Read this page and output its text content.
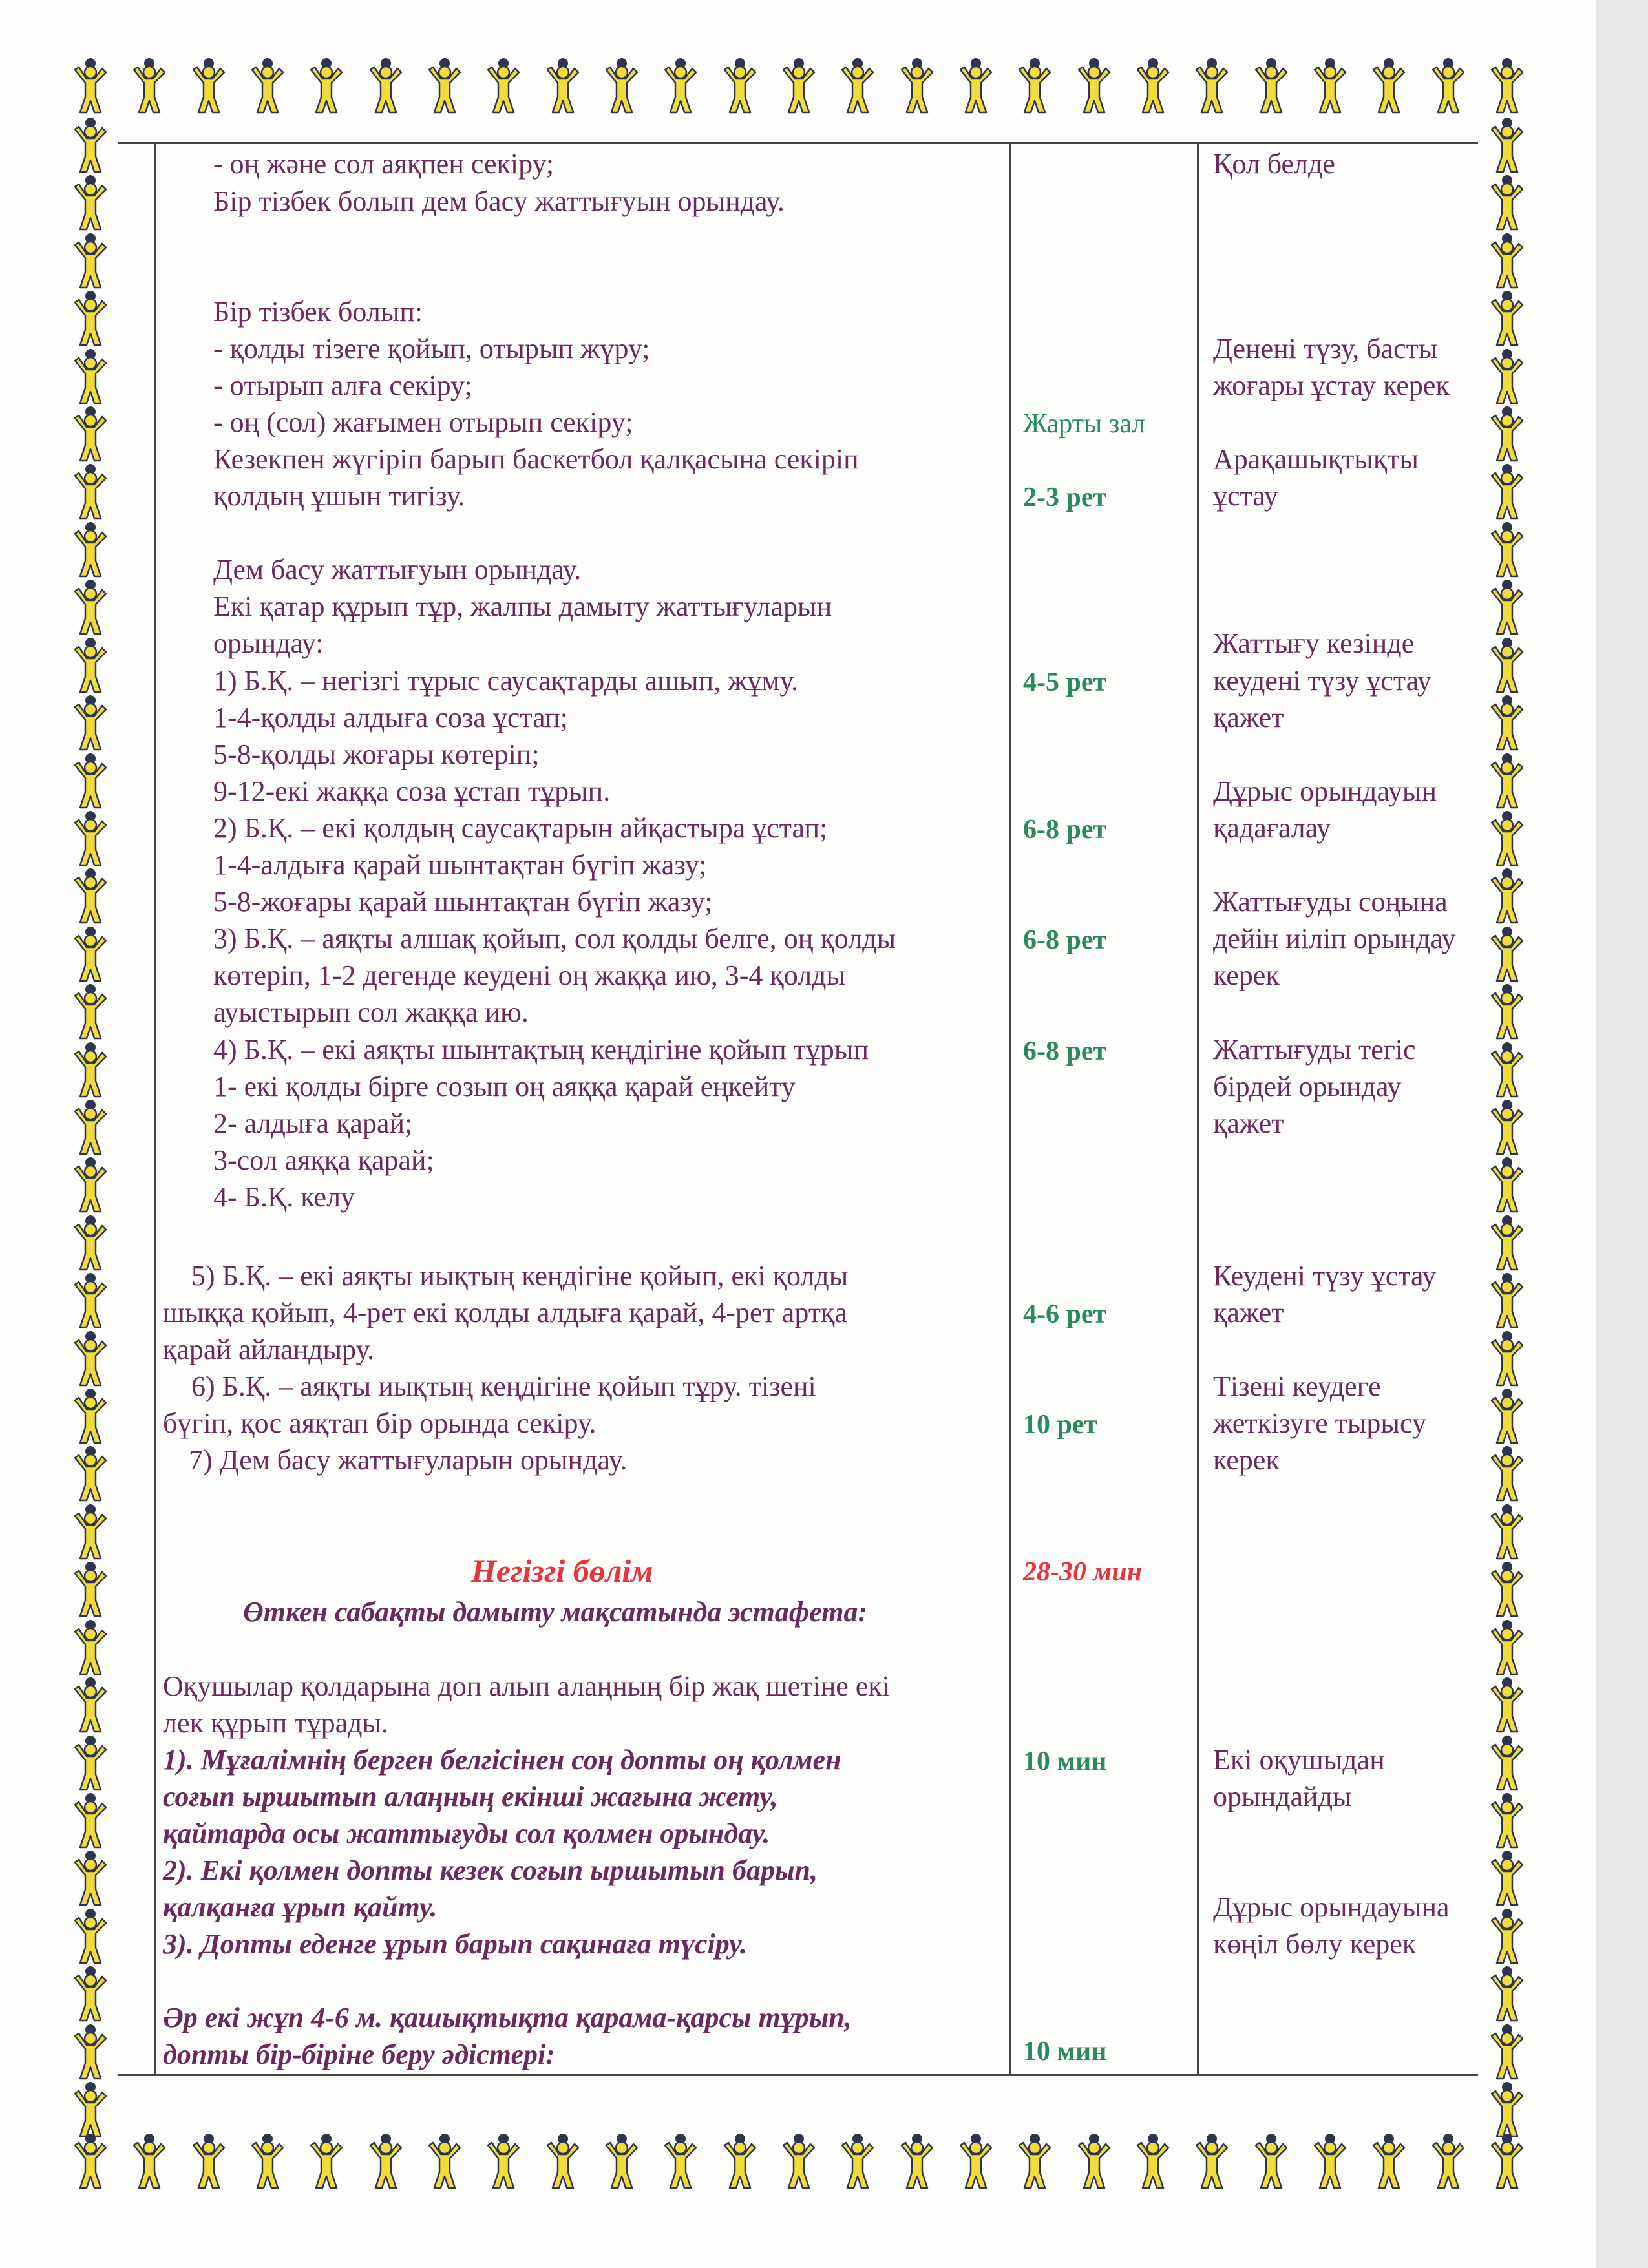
- оң және сол аяқпен секіру;
Бір тізбек болып дем басу жаттығуын орындау.
Бір тізбек болып:
- қолды тізеге қойып, отырып жүру;
- отырып алға секіру;
- оң (сол) жағымен отырып секіру;
Кезекпен жүгіріп барып баскетбол қалқасына секіріп
қолдың ұшын тигізу.
Дем басу жаттығуын орындау.
Екі қатар құрып тұр, жалпы дамыту жаттығуларын
орындау:
1) Б.Қ. – негізгі тұрыс саусақтарды ашып, жұму.
1-4-қолды алдыға соза ұстап;
5-8-қолды жоғары көтеріп;
9-12-екі жаққа соза ұстап тұрып.
2) Б.Қ. – екі қолдың саусақтарын айқастыра ұстап;
1-4-алдыға қарай шынтақтан бүгіп жазу;
5-8-жоғары қарай шынтақтан бүгіп жазу;
3) Б.Қ. – аяқты алшақ қойып, сол қолды белге, оң қолды
көтеріп, 1-2 дегенде кеудені оң жаққа ию, 3-4 қолды
ауыстырып сол жаққа ию.
4) Б.Қ. – екі аяқты шынтақтың кеңдігіне қойып тұрып
1- екі қолды бірге созып оң аяққа қарай еңкейту
2- алдыға қарай;
3-сол аяққа қарай;
4- Б.Қ. келу
5) Б.Қ. – екі аяқты иықтың кеңдігіне қойып, екі қолды
шыққа қойып, 4-рет екі қолды алдыға қарай, 4-рет артқа
қарай айландыру.
6) Б.Қ. – аяқты иықтың кеңдігіне қойып тұру. тізені
бүгіп, қос аяқтап бір орында секіру.
7) Дем басу жаттығуларын орындау.
Негізгі бөлім
Өткен сабақты дамыту мақсатында эстафета:
Оқушылар қолдарына доп алып алаңның бір жақ шетіне екі
лек құрып тұрады.
1). Мұғалімнің берген белгісінен соң допты оң қолмен
соғып ыршытып алаңның екінші жағына жету,
қайтарда осы жаттығуды сол қолмен орындау.
2). Екі қолмен допты кезек соғып ыршытып барып,
қалқанға ұрып қайту.
3). Допты еденге ұрып барып сақинаға түсіру.
Әр екі жұп 4-6 м. қашықтықта қарама-қарсы тұрып,
допты бір-біріне беру әдістері:
Жарты зал
2-3 рет
4-5 рет
6-8 рет
6-8 рет
6-8 рет
4-6 рет
10 рет
28-30 мин
10 мин
10 мин
Қол белде
Денені түзу, басты
жоғары ұстау керек
Арақашықтықты
ұстау
Жаттығу кезінде
кеудені түзу ұстау
қажет
Дұрыс орындауын
қадағалау
Жаттығуды соңына
дейін иіліп орындау
керек
Жаттығуды тегіс
бірдей орындау
қажет
Кеудені түзу ұстау
қажет
Тізені кеудеге
жеткізуге тырысу
керек
Екі оқушыдан
орындайды
Дұрыс орындауына
көңіл бөлу керек
